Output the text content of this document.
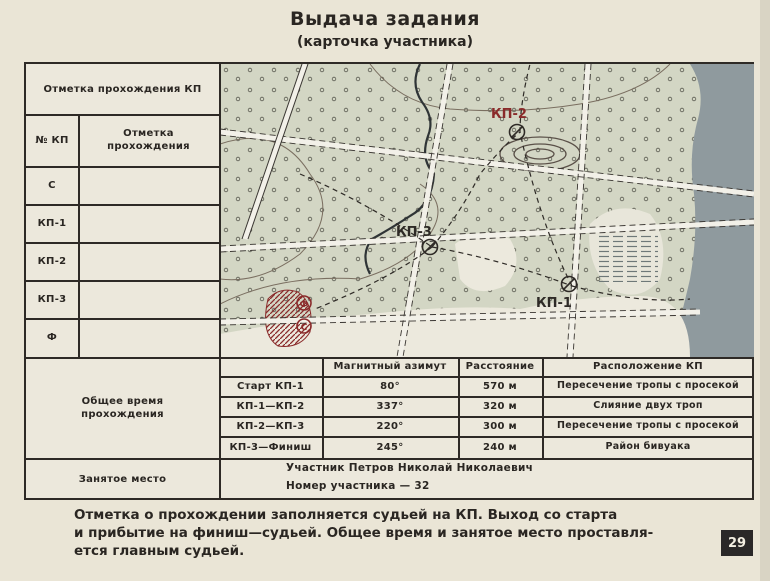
Выдача задания
(карточка участника)
Ф
С
КП-2
КП-3
КП-1
Отметка прохождения КП
№ КП
Отметка прохождения
С
КП-1
КП-2
КП-3
Ф
Общее время прохождения
Занятое место
Магнитный азимут	Расстояние	Расположение КП
Старт КП-1	80°	570 м	Пересечение тропы с просекой
КП-1—КП-2	337°	320 м	Слияние двух троп
КП-2—КП-3	220°	300 м	Пересечение тропы с просекой
КП-3—Финиш	245°	240 м	Район бивуака
Участник Петров Николай Николаевич
Номер участника — 32
Отметка о прохождении заполняется судьей на КП. Выход со старта
и прибытие на финиш—судьей. Общее время и занятое место проставля-
ется главным судьей.	29
